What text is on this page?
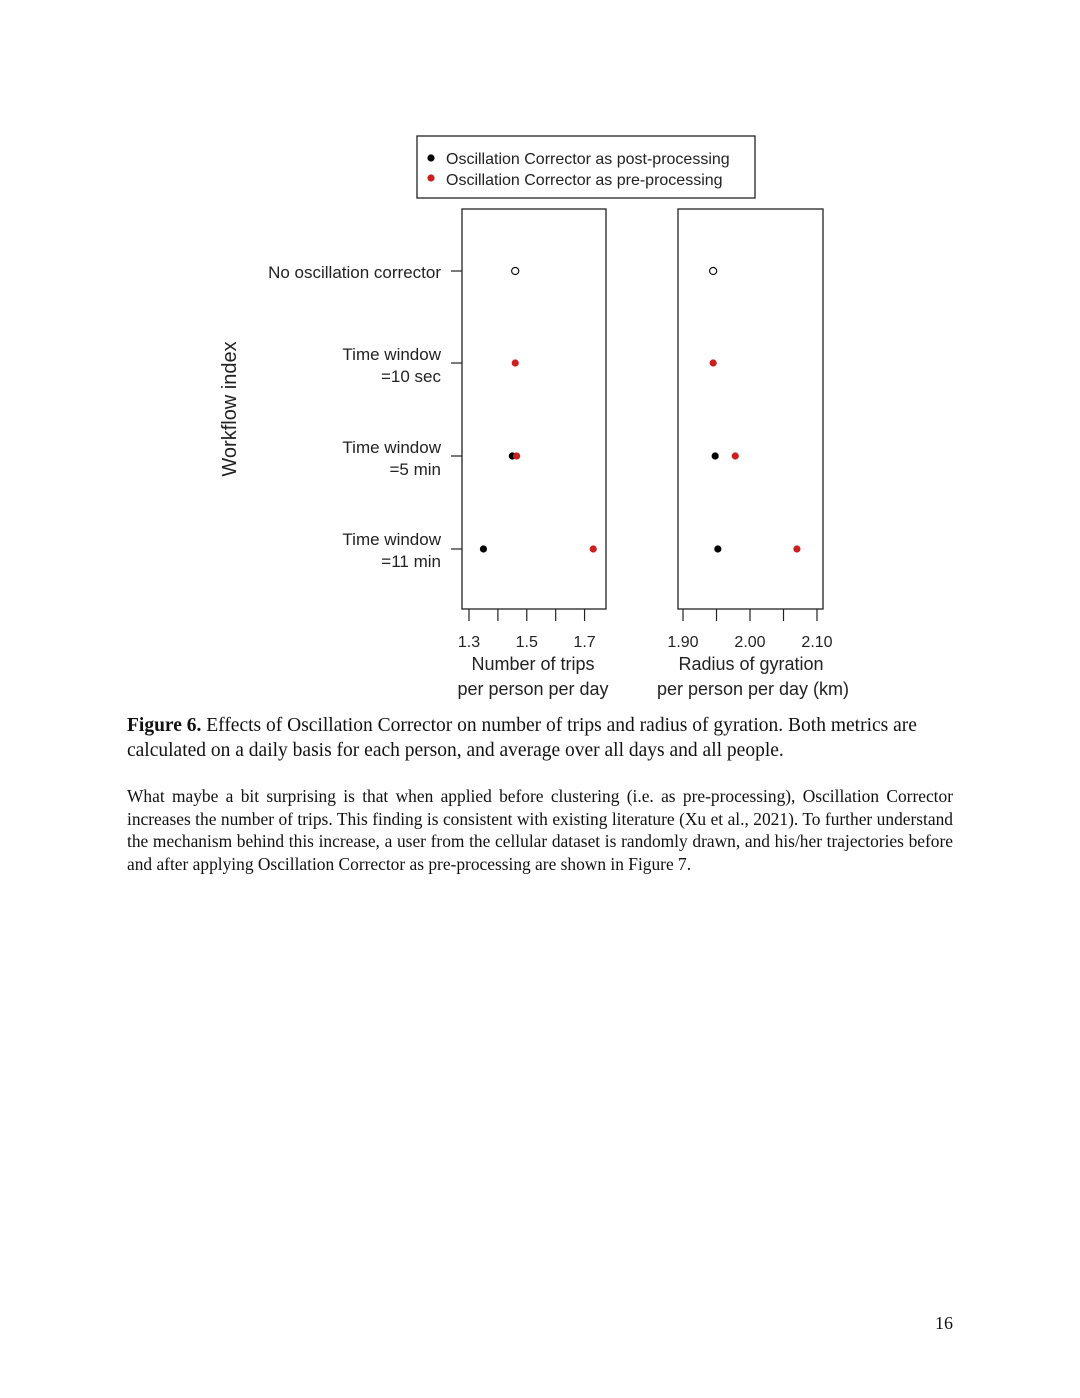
Oscillation Corrector as post-processing
Oscillation Corrector as pre-processing
Workflow index
No oscillation corrector
Time window
=10 sec
Time window
=5 min
Time window
=11 min
1.3 1.5 1.7	1.90 2.00 2.10
Number of trips
per person per day
Radius of gyration
per person per day (km)

Figure 6. Effects of Oscillation Corrector on number of trips and radius of gyration. Both metrics are calculated on a daily basis for each person, and average over all days and all people.

What maybe a bit surprising is that when applied before clustering (i.e. as pre-processing), Oscillation Corrector increases the number of trips. This finding is consistent with existing literature (Xu et al., 2021). To further understand the mechanism behind this increase, a user from the cellular dataset is randomly drawn, and his/her trajectories before and after applying Oscillation Corrector as pre-processing are shown in Figure 7.

16
